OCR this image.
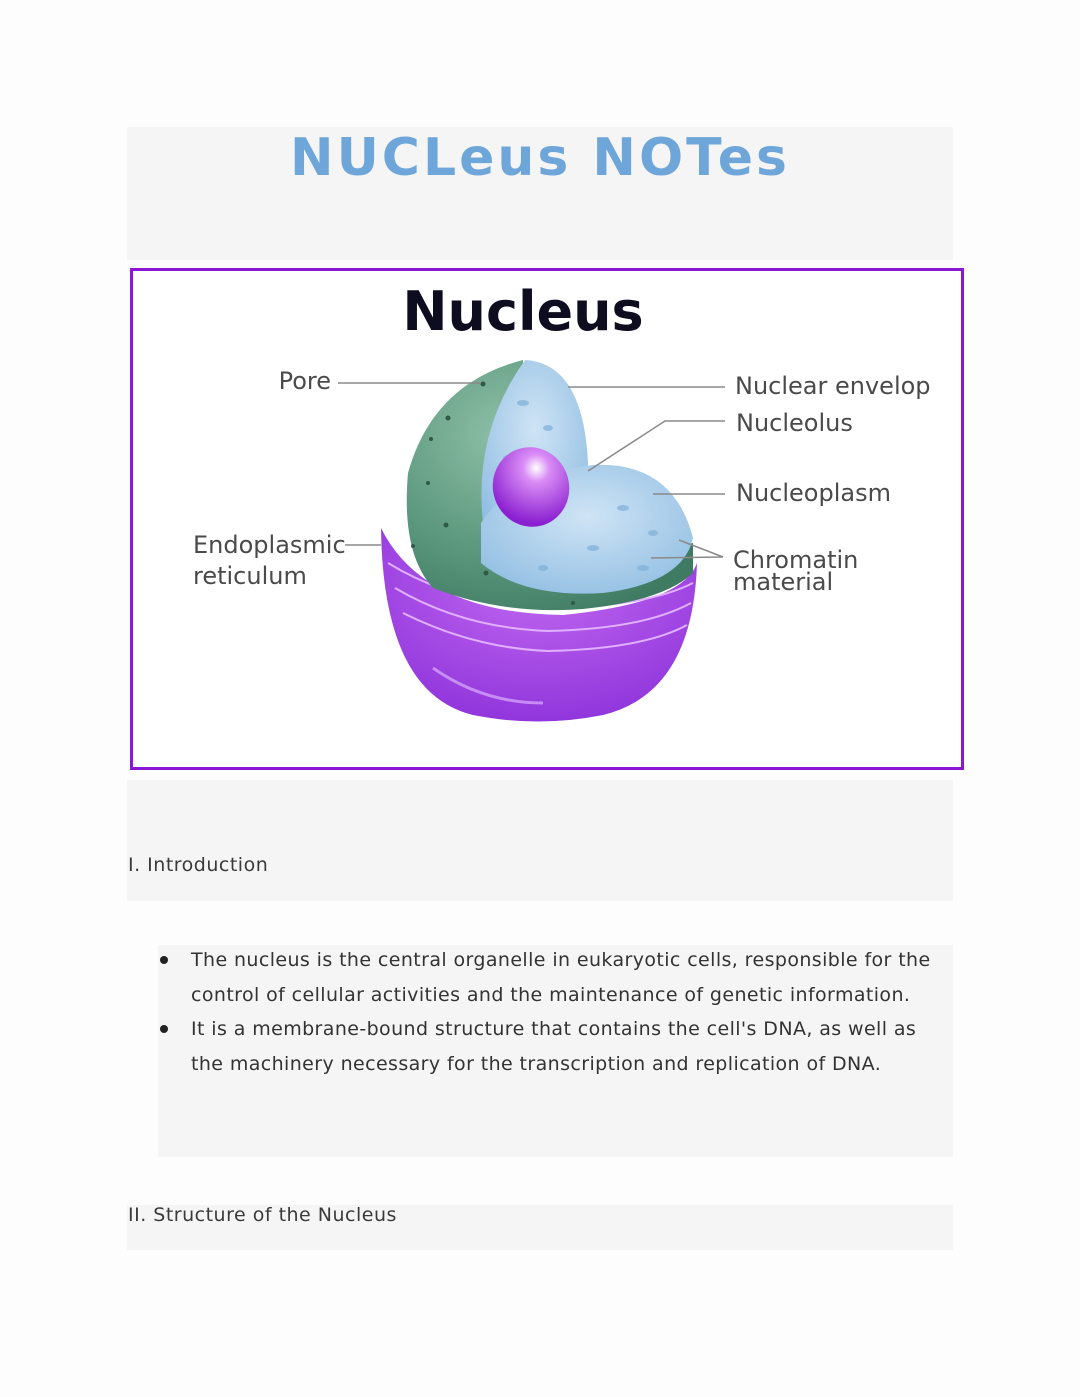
NUCLeus NOTes
Nucleus
Pore	Nuclear envelop
Nucleolus
Nucleoplasm
Chromatin
material
Endoplasmic
reticulum
I. Introduction
The nucleus is the central organelle in eukaryotic cells, responsible for the control of cellular activities and the maintenance of genetic information.
It is a membrane-bound structure that contains the cell's DNA, as well as the machinery necessary for the transcription and replication of DNA.
II. Structure of the Nucleus
